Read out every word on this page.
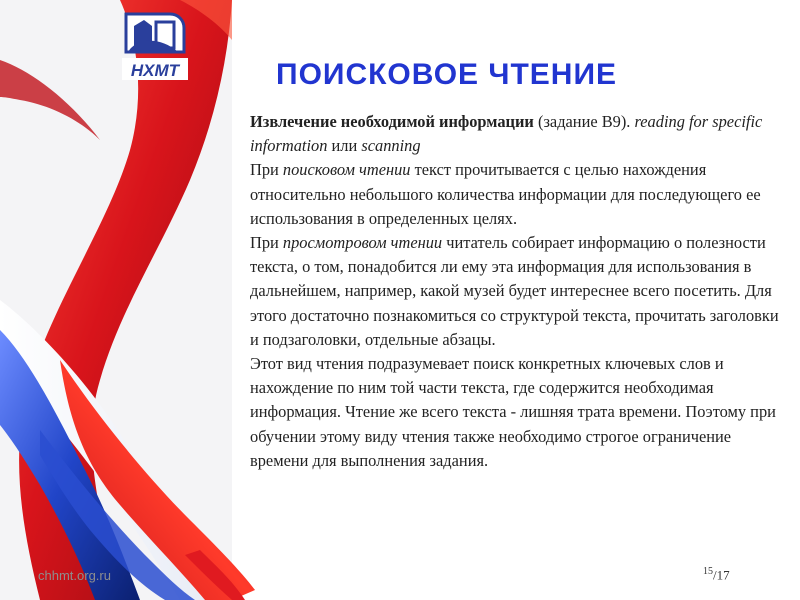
НХМТ	ПОИСКОВОЕ ЧТЕНИЕ

Извлечение необходимой информации (задание В9). reading for specific information или scanning

При поисковом чтении текст прочитывается с целью нахождения относительно небольшого количества информации для последующего ее использования в определенных целях.

При просмотровом чтении читатель собирает информацию о полезности текста, о том, понадобится ли ему эта информация для использования в дальнейшем, например, какой музей будет интереснее всего посетить. Для этого достаточно познакомиться со структурой текста, прочитать заголовки и подзаголовки, отдельные абзацы.

Этот вид чтения подразумевает поиск конкретных ключевых слов и нахождение по ним той части текста, где содержится необходимая информация. Чтение же всего текста - лишняя трата времени. Поэтому при обучении этому виду чтения также необходимо строгое ограничение времени для выполнения задания.

chhmt.org.ru	$^{15}$/17
